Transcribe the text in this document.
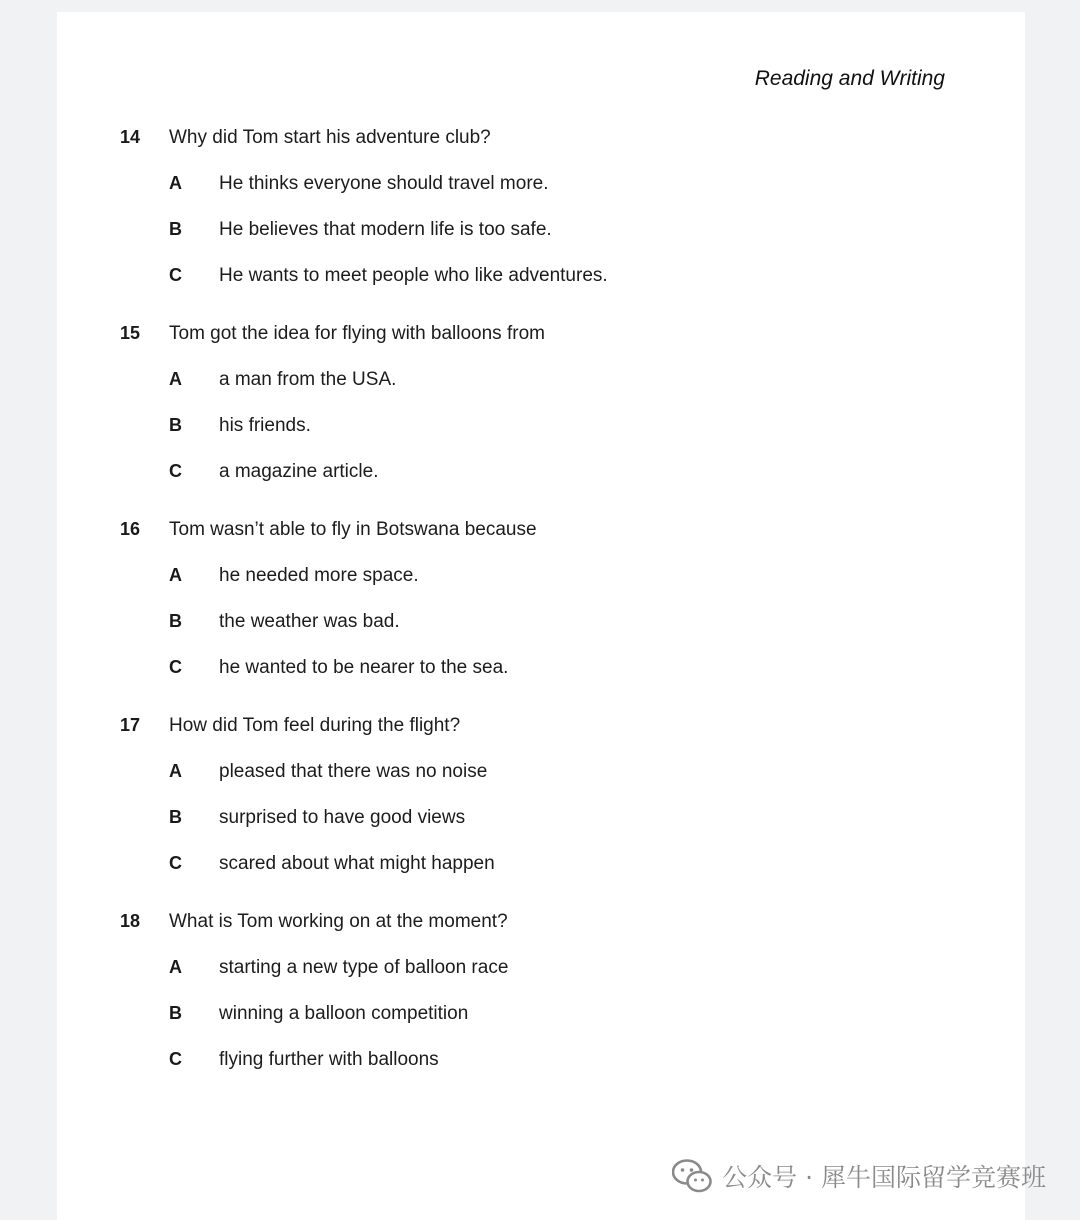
Reading and Writing
14	Why did Tom start his adventure club?
A	He thinks everyone should travel more.
B	He believes that modern life is too safe.
C	He wants to meet people who like adventures.
15	Tom got the idea for flying with balloons from
A	a man from the USA.
B	his friends.
C	a magazine article.
16	Tom wasn’t able to fly in Botswana because
A	he needed more space.
B	the weather was bad.
C	he wanted to be nearer to the sea.
17	How did Tom feel during the flight?
A	pleased that there was no noise
B	surprised to have good views
C	scared about what might happen
18	What is Tom working on at the moment?
A	starting a new type of balloon race
B	winning a balloon competition
C	flying further with balloons
公众号 · 犀牛国际留学竞赛班
